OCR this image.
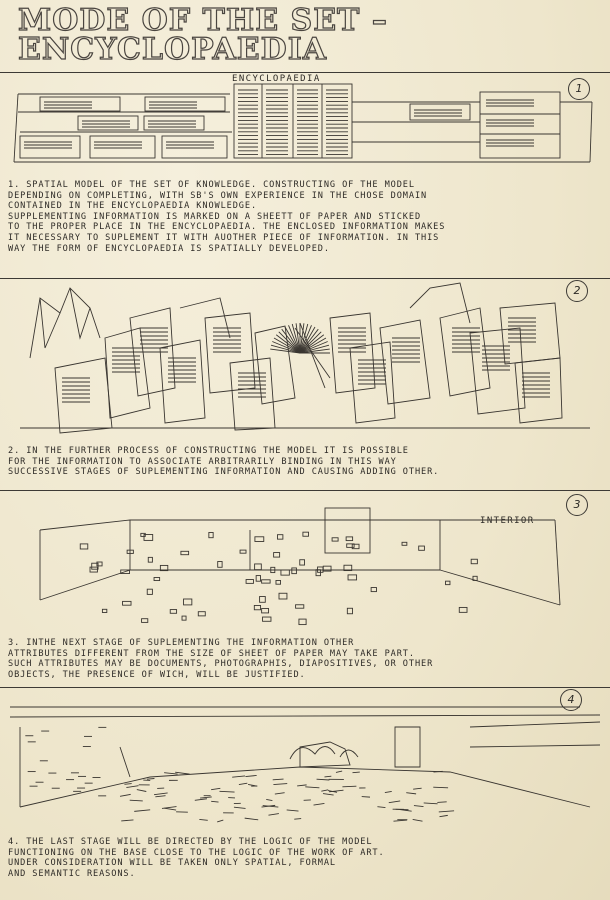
MODE OF THE SET –
ENCYCLOPAEDIA
ENCYCLOPAEDIA
1
1. SPATIAL MODEL OF THE SET OF KNOWLEDGE. CONSTRUCTING OF THE MODEL
DEPENDING ON COMPLETING, WITH SB'S OWN EXPERIENCE IN THE CHOSE DOMAIN
CONTAINED IN THE ENCYCLOPAEDIA KNOWLEDGE.
SUPPLEMENTING INFORMATION IS MARKED ON A SHEETT OF PAPER AND STICKED
TO THE PROPER PLACE IN THE ENCYCLOPAEDIA. THE ENCLOSED INFORMATION MAKES
IT NECESSARY TO SUPLEMENT IT WITH AUOTHER PIECE OF INFORMATION. IN THIS
WAY THE FORM OF ENCYCLOPAEDIA IS SPATIALLY DEVELOPED.
2
2. IN THE FURTHER PROCESS OF CONSTRUCTING THE MODEL IT IS POSSIBLE
FOR THE INFORMATION TO ASSOCIATE ARBITRARILY BINDING IN THIS WAY
SUCCESSIVE STAGES OF SUPLEMENTING INFORMATION AND CAUSING ADDING OTHER.
3
INTERIOR
3. INTHE NEXT STAGE OF SUPLEMENTING THE INFORMATION OTHER
ATTRIBUTES DIFFERENT FROM THE SIZE OF SHEET OF PAPER MAY TAKE PART.
SUCH ATTRIBUTES MAY BE DOCUMENTS, PHOTOGRAPHIS, DIAPOSITIVES, OR OTHER
OBJECTS, THE PRESENCE OF WICH, WILL BE JUSTIFIED.
4
4. THE LAST STAGE WILL BE DIRECTED BY THE LOGIC OF THE MODEL
FUNCTIONING ON THE BASE CLOSE TO THE LOGIC OF THE WORK OF ART.
UNDER CONSIDERATION WILL BE TAKEN ONLY SPATIAL, FORMAL
AND SEMANTIC REASONS.
